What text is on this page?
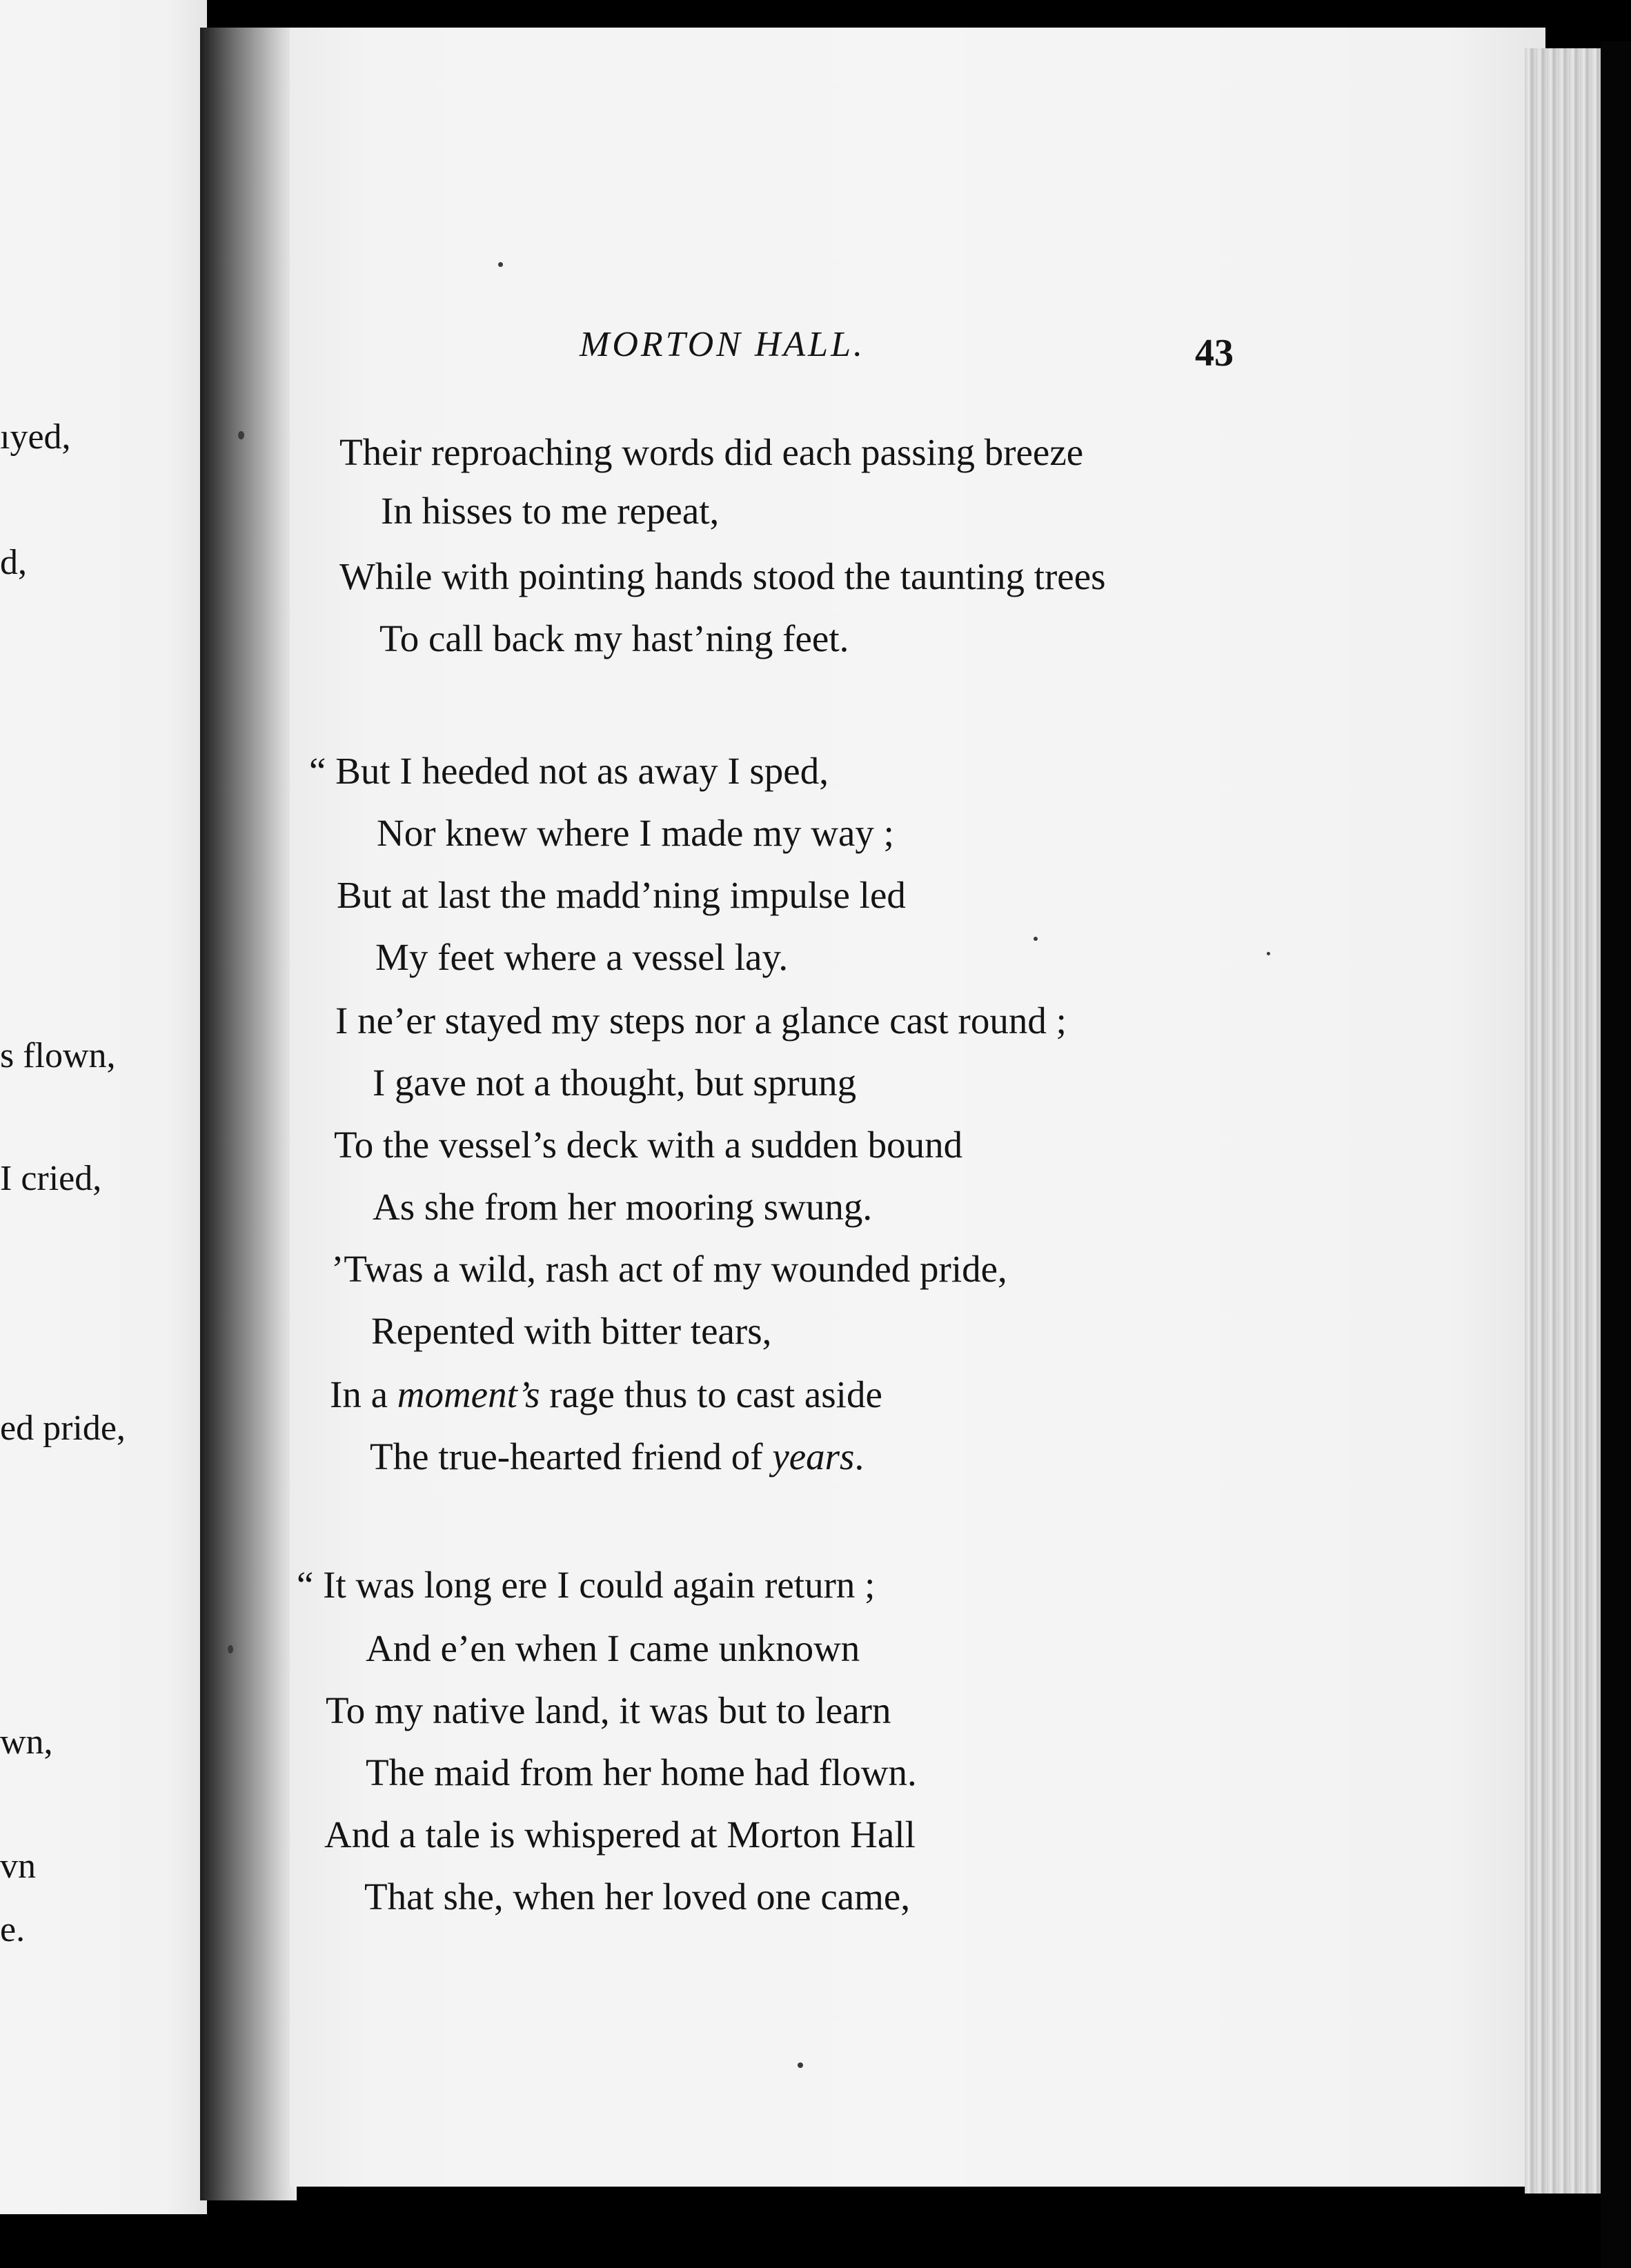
ıyed,
d,
s flown,
I cried,
ed pride,
wn,
vn
e.
MORTON HALL.	43
Their reproaching words did each passing breeze
In hisses to me repeat,
While with pointing hands stood the taunting trees
To call back my hast’ning feet.
“ But I heeded not as away I sped,
Nor knew where I made my way ;
But at last the madd’ning impulse led
My feet where a vessel lay.
I ne’er stayed my steps nor a glance cast round ;
I gave not a thought, but sprung
To the vessel’s deck with a sudden bound
As she from her mooring swung.
’Twas a wild, rash act of my wounded pride,
Repented with bitter tears,
In a moment’s rage thus to cast aside
The true-hearted friend of years.
“ It was long ere I could again return ;
And e’en when I came unknown
To my native land, it was but to learn
The maid from her home had flown.
And a tale is whispered at Morton Hall
That she, when her loved one came,
